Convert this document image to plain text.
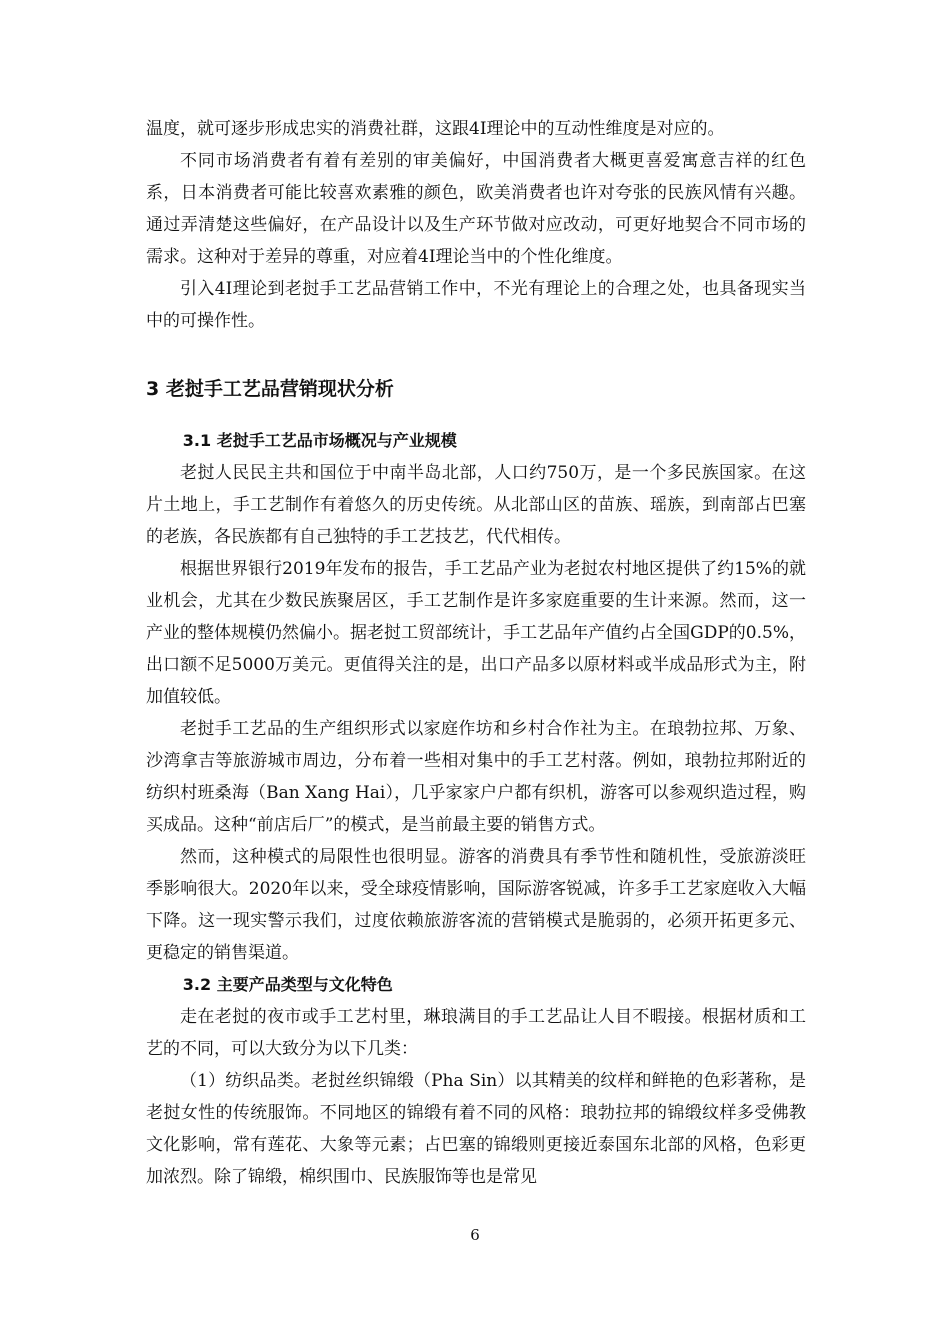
温度，就可逐步形成忠实的消费社群，这跟4I理论中的互动性维度是对应的。

不同市场消费者有着有差别的审美偏好，中国消费者大概更喜爱寓意吉祥的红色系，日本消费者可能比较喜欢素雅的颜色，欧美消费者也许对夸张的民族风情有兴趣。通过弄清楚这些偏好，在产品设计以及生产环节做对应改动，可更好地契合不同市场的需求。这种对于差异的尊重，对应着4I理论当中的个性化维度。

引入4I理论到老挝手工艺品营销工作中，不光有理论上的合理之处，也具备现实当中的可操作性。

3 老挝手工艺品营销现状分析
3.1 老挝手工艺品市场概况与产业规模

老挝人民民主共和国位于中南半岛北部，人口约750万，是一个多民族国家。在这片土地上，手工艺制作有着悠久的历史传统。从北部山区的苗族、瑶族，到南部占巴塞的老族，各民族都有自己独特的手工艺技艺，代代相传。

根据世界银行2019年发布的报告，手工艺品产业为老挝农村地区提供了约15%的就业机会，尤其在少数民族聚居区，手工艺制作是许多家庭重要的生计来源。然而，这一产业的整体规模仍然偏小。据老挝工贸部统计，手工艺品年产值约占全国GDP的0.5%，出口额不足5000万美元。更值得关注的是，出口产品多以原材料或半成品形式为主，附加值较低。

老挝手工艺品的生产组织形式以家庭作坊和乡村合作社为主。在琅勃拉邦、万象、沙湾拿吉等旅游城市周边，分布着一些相对集中的手工艺村落。例如，琅勃拉邦附近的纺织村班桑海（Ban Xang Hai），几乎家家户户都有织机，游客可以参观织造过程，购买成品。这种“前店后厂”的模式，是当前最主要的销售方式。

然而，这种模式的局限性也很明显。游客的消费具有季节性和随机性，受旅游淡旺季影响很大。2020年以来，受全球疫情影响，国际游客锐减，许多手工艺家庭收入大幅下降。这一现实警示我们，过度依赖旅游客流的营销模式是脆弱的，必须开拓更多元、更稳定的销售渠道。

3.2 主要产品类型与文化特色

走在老挝的夜市或手工艺村里，琳琅满目的手工艺品让人目不暇接。根据材质和工艺的不同，可以大致分为以下几类：

（1）纺织品类。老挝丝织锦缎（Pha Sin）以其精美的纹样和鲜艳的色彩著称，是老挝女性的传统服饰。不同地区的锦缎有着不同的风格：琅勃拉邦的锦缎纹样多受佛教文化影响，常有莲花、大象等元素；占巴塞的锦缎则更接近泰国东北部的风格，色彩更加浓烈。除了锦缎，棉织围巾、民族服饰等也是常见

6
